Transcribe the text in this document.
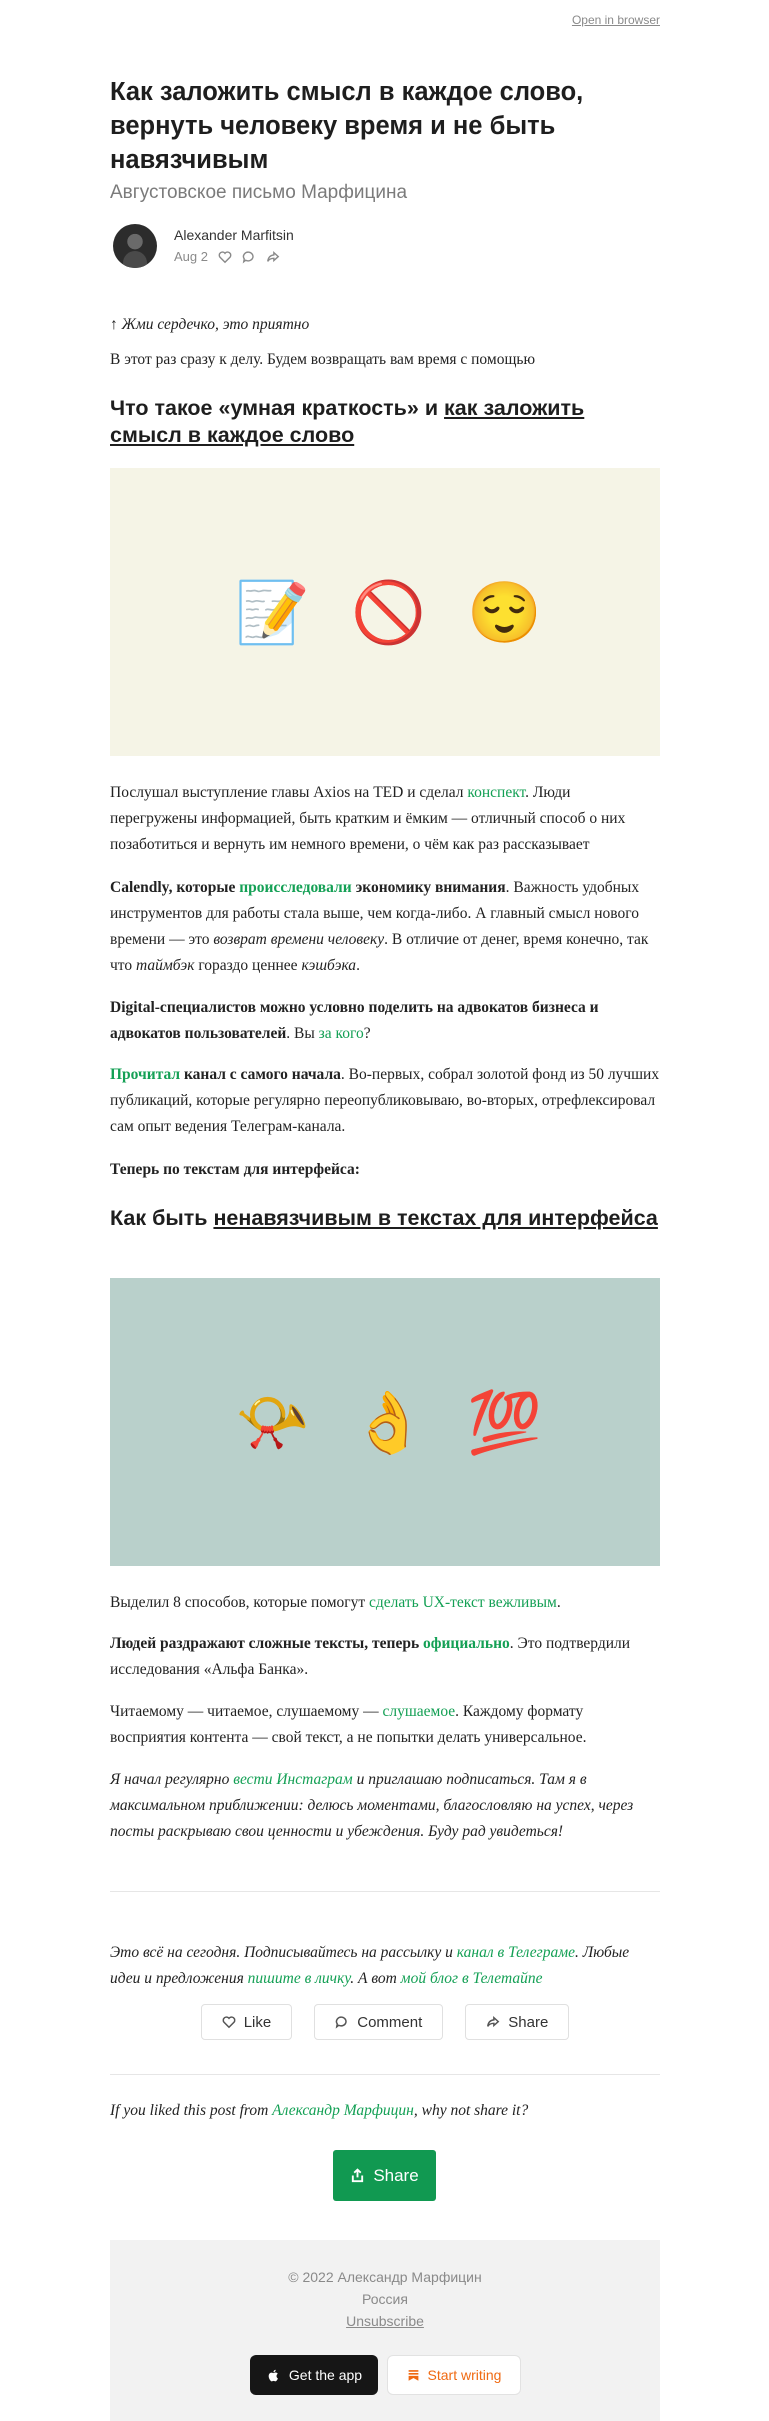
Open in browser
Как заложить смысл в каждое слово, вернуть человеку время и не быть навязчивым
Августовское письмо Марфицина
Alexander Marfitsin
Aug 2

↑ Жми сердечко, это приятно

В этот раз сразу к делу. Будем возвращать вам время с помощью

Что такое «умная краткость» и как заложить смысл в каждое слово
📝 🚫 😌

Послушал выступление главы Axios на TED и сделал конспект. Люди перегружены информацией, быть кратким и ёмким — отличный способ о них позаботиться и вернуть им немного времени, о чём как раз рассказывает

Calendly, которые происследовали экономику внимания. Важность удобных инструментов для работы стала выше, чем когда-либо. А главный смысл нового времени — это возврат времени человеку. В отличие от денег, время конечно, так что таймбэк гораздо ценнее кэшбэка.

Digital-специалистов можно условно поделить на адвокатов бизнеса и адвокатов пользователей. Вы за кого?

Прочитал канал с самого начала. Во-первых, собрал золотой фонд из 50 лучших публикаций, которые регулярно переопубликовываю, во-вторых, отрефлексировал сам опыт ведения Телеграм-канала.

Теперь по текстам для интерфейса:

Как быть ненавязчивым в текстах для интерфейса
📯 👌 💯

Выделил 8 способов, которые помогут сделать UX-текст вежливым.

Людей раздражают сложные тексты, теперь официально. Это подтвердили исследования «Альфа Банка».

Читаемому — читаемое, слушаемому — слушаемое. Каждому формату восприятия контента — свой текст, а не попытки делать универсальное.

Я начал регулярно вести Инстаграм и приглашаю подписаться. Там я в максимальном приближении: делюсь моментами, благословляю на успех, через посты раскрываю свои ценности и убеждения. Буду рад увидеться!

Это всё на сегодня. Подписывайтесь на рассылку и канал в Телеграме. Любые идеи и предложения пишите в личку. А вот мой блог в Телетайпе

Like	Comment	Share

If you liked this post from Александр Марфицин, why not share it?

Share
© 2022 Александр Марфицин
Россия
Unsubscribe
Get the app	Start writing
